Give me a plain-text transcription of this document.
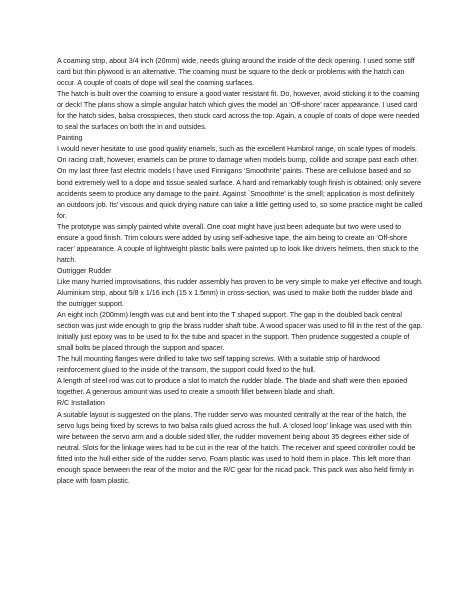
A coaming strip, about 3/4 inch (20mm) wide, needs gluing around the inside of the deck opening. I used some stiff card but thin plywood is an alternative. The coaming must be square to the deck or problems with the hatch can occur. A couple of coats of dope will seal the coaming surfaces.

The hatch is built over the coaming to ensure a good water resistant fit. Do, however, avoid sticking it to the coaming or deck! The plans show a simple angular hatch which gives the model an ‘Off-shore’ racer appearance. I used card for the hatch sides, balsa crosspieces, then stuck card across the top. Again, a couple of coats of dope were needed to seal the surfaces on both the in and outsides.

Painting

I would never hesitate to use good quality enamels, such as the excellent Humbrol range, on scale types of models. On racing craft, however, enamels can be prone to damage when models bump, collide and scrape past each other. On my last three fast electric models I have used Finnigans ‘Smoothrite’ paints. These are cellulose based and so bond extremely well to a dope and tissue sealed surface. A hard and remarkably tough finish is obtained; only severe accidents seem to produce any damage to the paint. Against `Smoothrite' is the smell; application is most definitely an outdoors job. Its’ viscous and quick drying nature can take a little getting used to, so some practice might be called for.

The prototype was simply painted white overall. One coat might have just been adequate but two were used to ensure a good finish. Trim colours were added by using self-adhesive tape, the aim being to create an ‘Off-shore racer’ appearance. A couple of lightweight plastic balls were painted up to look like drivers helmets, then stuck to the hatch.

Outrigger Rudder

Like many hurried improvisations, this rudder assembly has proven to be very simple to make yet effective and tough.

Aluminium strip, about 5/8 x 1/16 inch (15 x 1.5mm) in cross-section, was used to make both the rudder blade and the outrigger support.

An eight inch (200mm) length was cut and bent into the T shaped support. The gap in the doubled back central section was just wide enough to grip the brass rudder shaft tube. A wood spacer was used to fill in the rest of the gap. Initially just epoxy was to be used to fix the tube and spacer in the support. Then prudence suggested a couple of small bolts be placed through the support and spacer.

The hull mounting flanges were drilled to take two self tapping screws. With a suitable strip of hardwood reinforcement glued to the inside of the transom, the support could fixed to the hull.

A length of steel rod was cut to produce a slot to match the rudder blade. The blade and shaft were then epoxied together. A generous amount was used to create a smooth fillet between blade and shaft.

R/C Installation

A suitable layout is suggested on the plans. The rudder servo was mounted centrally at the rear of the hatch, the servo lugs being fixed by screws to two balsa rails glued across the hull. A ‘closed loop' linkage was used with thin wire between the servo arm and a double sided tiller, the rudder movement being about 35 degrees either side of neutral. Slots for the linkage wires had to be cut in the rear of the hatch. The receiver and speed controller could be fitted into the hull either side of the rudder servo. Foam plastic was used to hold them in place. This left more than enough space between the rear of the motor and the R/C gear for the nicad pack. This pack was also held firmly in place with foam plastic.
